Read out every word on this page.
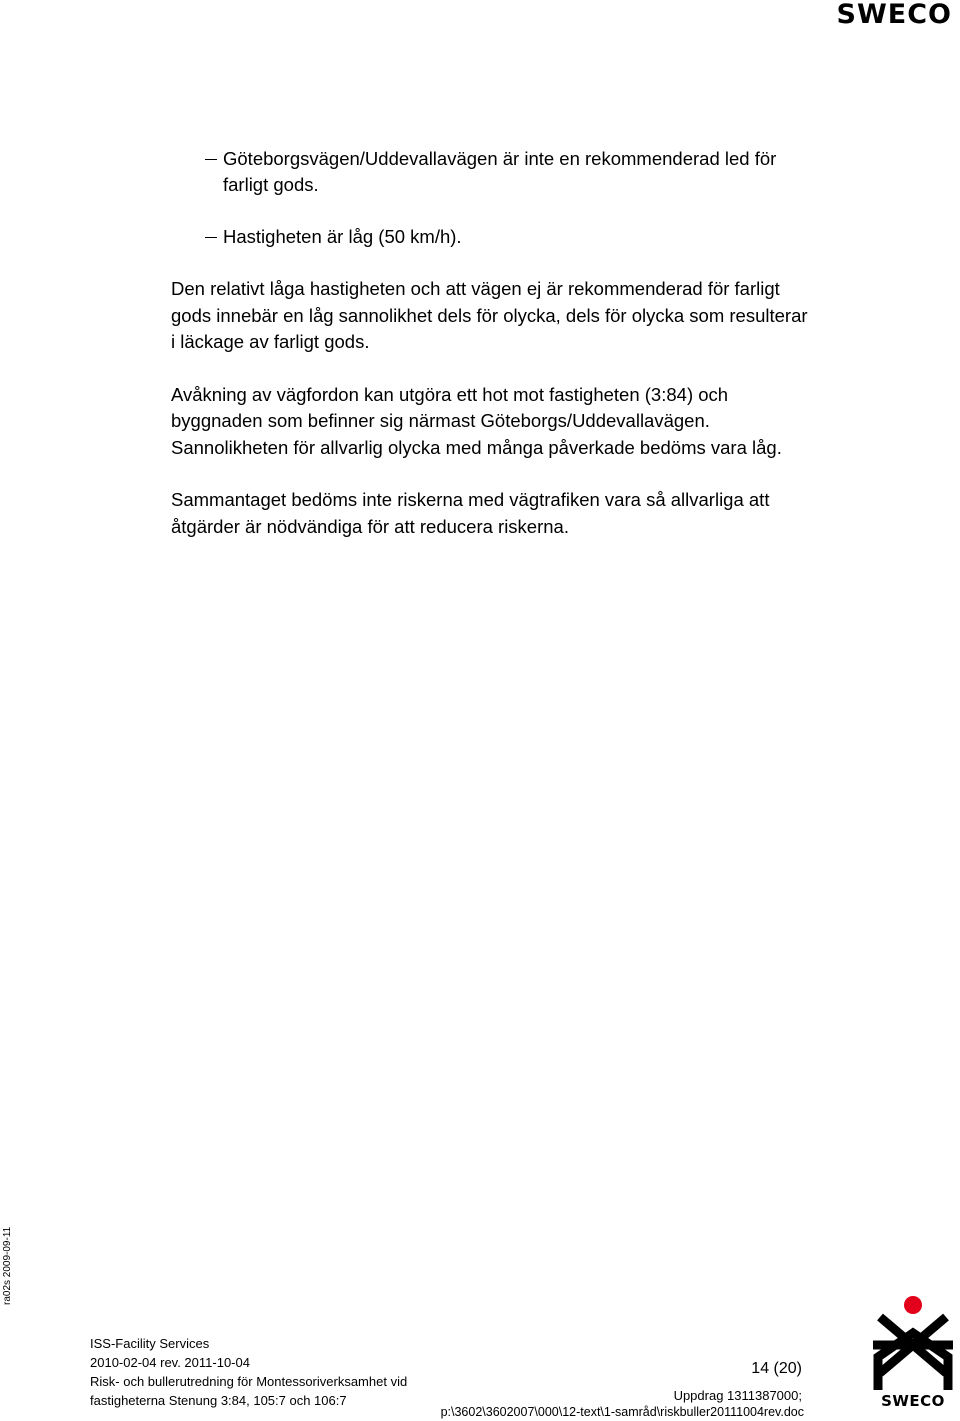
SWECO
Göteborgsvägen/Uddevallavägen är inte en rekommenderad led för farligt gods.
Hastigheten är låg (50 km/h).

Den relativt låga hastigheten och att vägen ej är rekommenderad för farligt gods innebär en låg sannolikhet dels för olycka, dels för olycka som resulterar i läckage av farligt gods.

Avåkning av vägfordon kan utgöra ett hot mot fastigheten (3:84) och byggnaden som befinner sig närmast Göteborgs/Uddevallavägen. Sannolikheten för allvarlig olycka med många påverkade bedöms vara låg.

Sammantaget bedöms inte riskerna med vägtrafiken vara så allvarliga att åtgärder är nödvändiga för att reducera riskerna.

ra02s 2009-09-11
ISS-Facility Services
2010-02-04 rev. 2011-10-04
Risk- och bullerutredning för Montessoriverksamhet vid
fastigheterna Stenung 3:84, 105:7 och 106:7
14 (20)
Uppdrag 1311387000;
p:\3602\3602007\000\12-text\1-samråd\riskbuller20111004rev.doc
SWECO
